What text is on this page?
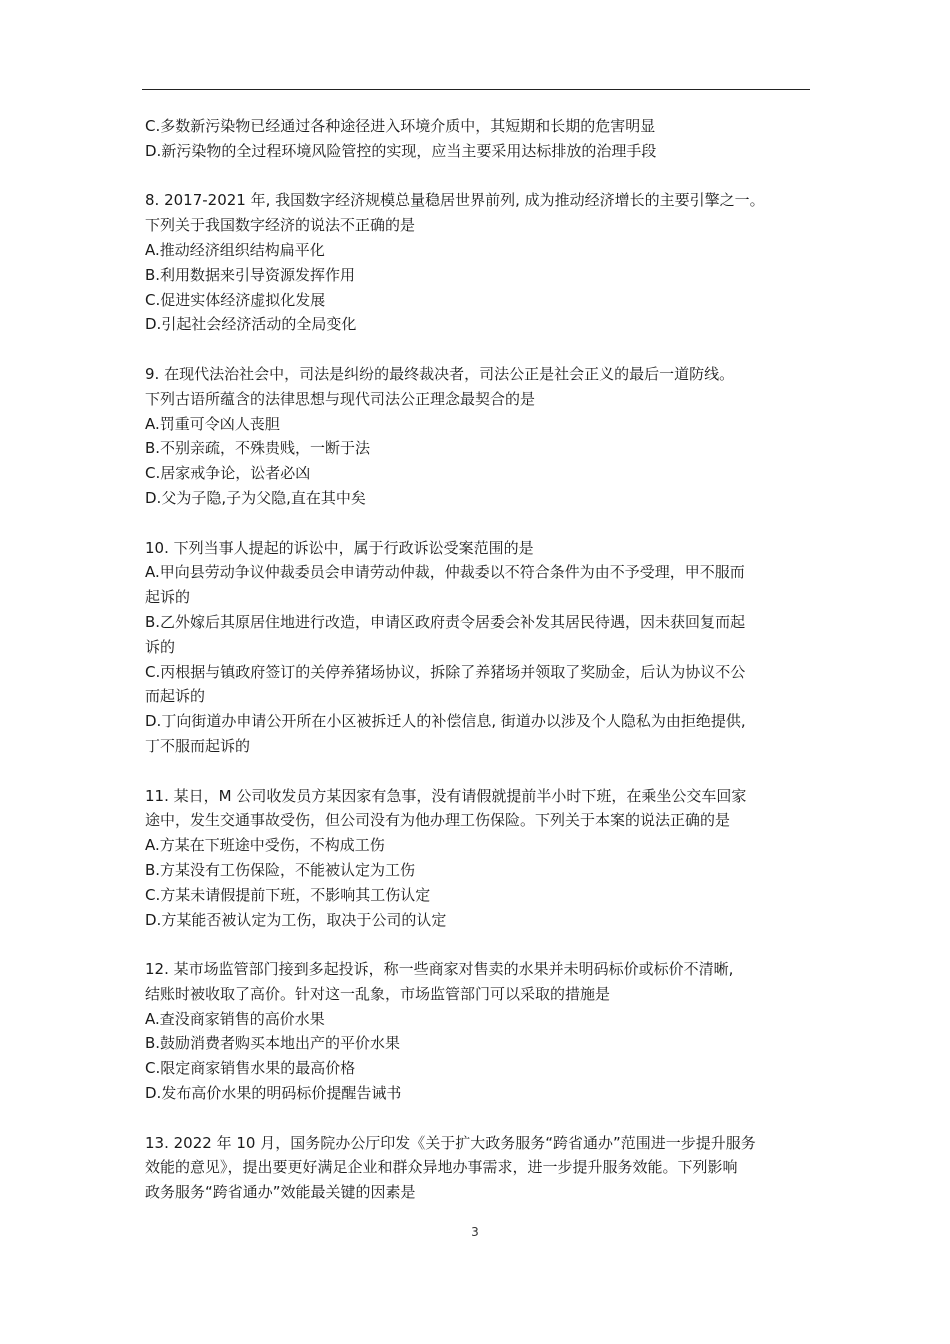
C.多数新污染物已经通过各种途径进入环境介质中，其短期和长期的危害明显
D.新污染物的全过程环境风险管控的实现，应当主要采用达标排放的治理手段
8. 2017-2021 年, 我国数字经济规模总量稳居世界前列, 成为推动经济增长的主要引擎之一。
下列关于我国数字经济的说法不正确的是
A.推动经济组织结构扁平化
B.利用数据来引导资源发挥作用
C.促进实体经济虚拟化发展
D.引起社会经济活动的全局变化
9. 在现代法治社会中，司法是纠纷的最终裁决者，司法公正是社会正义的最后一道防线。
下列古语所蕴含的法律思想与现代司法公正理念最契合的是
A.罚重可令凶人丧胆
B.不别亲疏，不殊贵贱，一断于法
C.居家戒争论，讼者必凶
D.父为子隐,子为父隐,直在其中矣
10. 下列当事人提起的诉讼中，属于行政诉讼受案范围的是
A.甲向县劳动争议仲裁委员会申请劳动仲裁，仲裁委以不符合条件为由不予受理，甲不服而
起诉的
B.乙外嫁后其原居住地进行改造，申请区政府责令居委会补发其居民待遇，因未获回复而起
诉的
C.丙根据与镇政府签订的关停养猪场协议，拆除了养猪场并领取了奖励金，后认为协议不公
而起诉的
D.丁向街道办申请公开所在小区被拆迁人的补偿信息, 街道办以涉及个人隐私为由拒绝提供,
丁不服而起诉的
11. 某日，M 公司收发员方某因家有急事，没有请假就提前半小时下班，在乘坐公交车回家
途中，发生交通事故受伤，但公司没有为他办理工伤保险。下列关于本案的说法正确的是
A.方某在下班途中受伤，不构成工伤
B.方某没有工伤保险，不能被认定为工伤
C.方某未请假提前下班，不影响其工伤认定
D.方某能否被认定为工伤，取决于公司的认定
12. 某市场监管部门接到多起投诉，称一些商家对售卖的水果并未明码标价或标价不清晰,
结账时被收取了高价。针对这一乱象，市场监管部门可以采取的措施是
A.查没商家销售的高价水果
B.鼓励消费者购买本地出产的平价水果
C.限定商家销售水果的最高价格
D.发布高价水果的明码标价提醒告诫书
13. 2022 年 10 月，国务院办公厅印发《关于扩大政务服务“跨省通办”范围进一步提升服务
效能的意见》，提出要更好满足企业和群众异地办事需求，进一步提升服务效能。下列影响
政务服务“跨省通办”效能最关键的因素是
3
